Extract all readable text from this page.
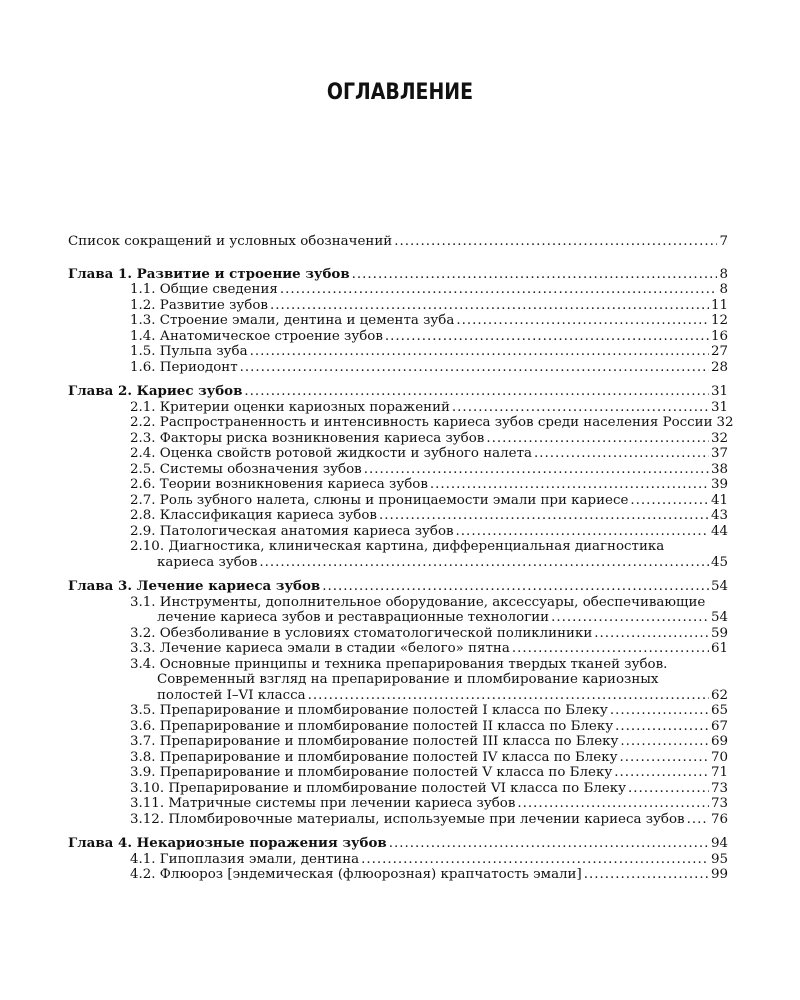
ОГЛАВЛЕНИЕ
Список сокращений и условных обозначений .....	7
Глава 1. Развитие и строение зубов .....	8
1.1. Общие сведения .....	8
1.2. Развитие зубов .....	11
1.3. Строение эмали, дентина и цемента зуба .....	12
1.4. Анатомическое строение зубов .....	16
1.5. Пульпа зуба .....	27
1.6. Периодонт .....	28
Глава 2. Кариес зубов .....	31
2.1. Критерии оценки кариозных поражений .....	31
2.2. Распространенность и интенсивность кариеса зубов среди населения России 32
2.3. Факторы риска возникновения кариеса зубов .....	32
2.4. Оценка свойств ротовой жидкости и зубного налета .....	37
2.5. Системы обозначения зубов .....	38
2.6. Теории возникновения кариеса зубов .....	39
2.7. Роль зубного налета, слюны и проницаемости эмали при кариесе .....	41
2.8. Классификация кариеса зубов .....	43
2.9. Патологическая анатомия кариеса зубов .....	44
2.10. Диагностика, клиническая картина, дифференциальная диагностика
кариеса зубов .....	45
Глава 3. Лечение кариеса зубов .....	54
3.1. Инструменты, дополнительное оборудование, аксессуары, обеспечивающие
лечение кариеса зубов и реставрационные технологии .....	54
3.2. Обезболивание в условиях стоматологической поликлиники .....	59
3.3. Лечение кариеса эмали в стадии «белого» пятна .....	61
3.4. Основные принципы и техника препарирования твердых тканей зубов.
Современный взгляд на препарирование и пломбирование кариозных
полостей I–VI класса .....	62
3.5. Препарирование и пломбирование полостей I класса по Блеку .....	65
3.6. Препарирование и пломбирование полостей II класса по Блеку .....	67
3.7. Препарирование и пломбирование полостей III класса по Блеку .....	69
3.8. Препарирование и пломбирование полостей IV класса по Блеку .....	70
3.9. Препарирование и пломбирование полостей V класса по Блеку .....	71
3.10. Препарирование и пломбирование полостей VI класса по Блеку .....	73
3.11. Матричные системы при лечении кариеса зубов .....	73
3.12. Пломбировочные материалы, используемые при лечении кариеса зубов ..... 76
Глава 4. Некариозные поражения зубов .....	94
4.1. Гипоплазия эмали, дентина .....	95
4.2. Флюороз [эндемическая (флюорозная) крапчатость эмали] .....	99
